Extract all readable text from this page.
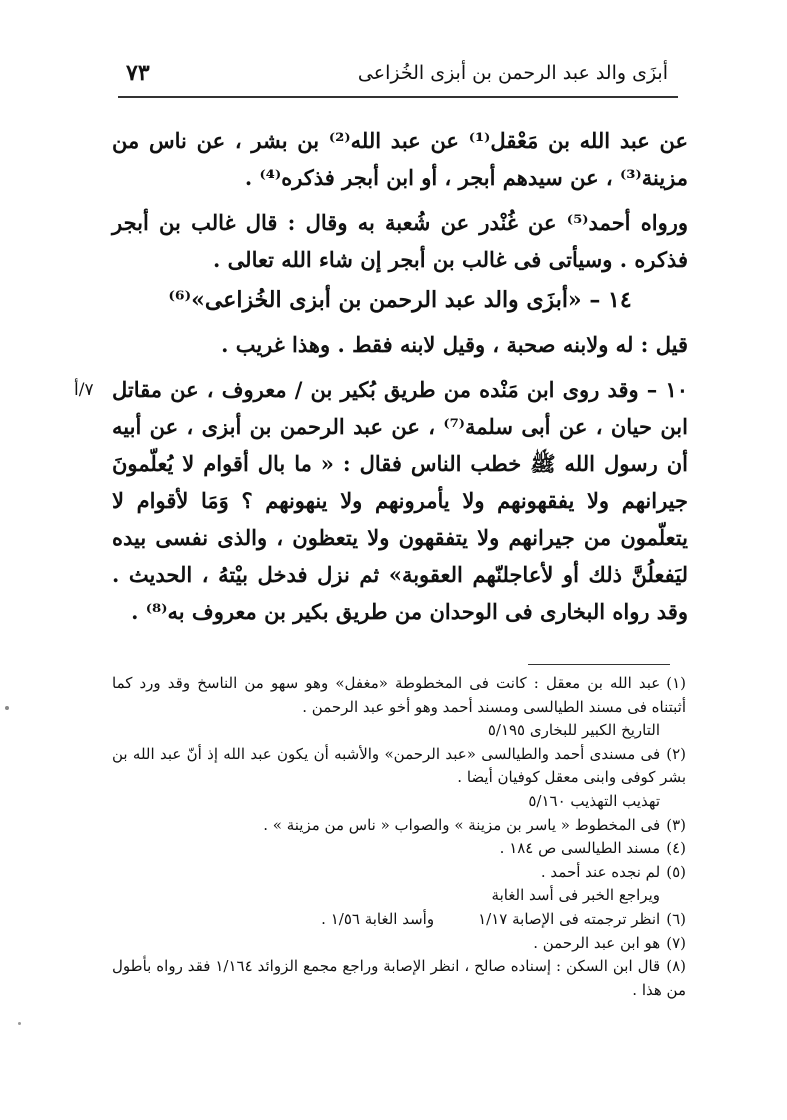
أبزَى والد عبد الرحمن بن أبزى الخُزاعى
٧٣

عن عبد الله بن مَعْقل⁽¹⁾ عن عبد الله⁽²⁾ بن بشر ، عن ناس من مزينة⁽³⁾ ، عن سيدهم أبجر ، أو ابن أبجر فذكره⁽⁴⁾ .

ورواه أحمد⁽⁵⁾ عن غُنْدر عن شُعبة به وقال : قال غالب بن أبجر فذكره . وسيأتى فى غالب بن أبجر إن شاء الله تعالى .

١٤ – «أبزَى والد عبد الرحمن بن أبزى الخُزاعى»⁽⁶⁾

قيل : له ولابنه صحبة ، وقيل لابنه فقط . وهذا غريب .

١٠ – وقد روى ابن مَنْده من طريق بُكير بن / معروف ، عن مقاتل ابن حيان ، عن أبى سلمة⁽⁷⁾ ، عن عبد الرحمن بن أبزى ، عن أبيه أن رسول الله ﷺ خطب الناس فقال : « ما بال أقوام لا يُعلّمونَ جيرانهم ولا يفقهونهم ولا يأمرونهم ولا ينهونهم ؟ وَمَا لأقوام لا يتعلّمون من جيرانهم ولا يتفقهون ولا يتعظون ، والذى نفسى بيده ليَفعلُنَّ ذلك أو لأعاجلنّهم العقوبة» ثم نزل فدخل بيْتهُ ، الحديث . وقد رواه البخارى فى الوحدان من طريق بكير بن معروف به⁽⁸⁾ .

٧/أ

(١)عبد الله بن معقل : كانت فى المخطوطة «مغفل» وهو سهو من الناسخ وقد ورد كما أثبتناه فى مسند الطيالسى ومسند أحمد وهو أخو عبد الرحمن .

التاريخ الكبير للبخارى ٥/١٩٥

(٢)فى مسندى أحمد والطيالسى «عبد الرحمن» والأشبه أن يكون عبد الله إذ أنّ عبد الله بن بشر كوفى وابنى معقل كوفيان أيضا .

تهذيب التهذيب ٥/١٦٠

(٣)فى المخطوط « ياسر بن مزينة » والصواب « ناس من مزينة » .

(٤)مسند الطيالسى ص ١٨٤ .

(٥)لم نجده عند أحمد .

ويراجع الخبر فى أسد الغابة

(٦)انظر ترجمته فى الإصابة ١/١٧وأسد الغابة ١/٥٦ .

(٧)هو ابن عبد الرحمن .

(٨)قال ابن السكن : إسناده صالح ، انظر الإصابة وراجع مجمع الزوائد ١/١٦٤ فقد رواه بأطول من هذا .
